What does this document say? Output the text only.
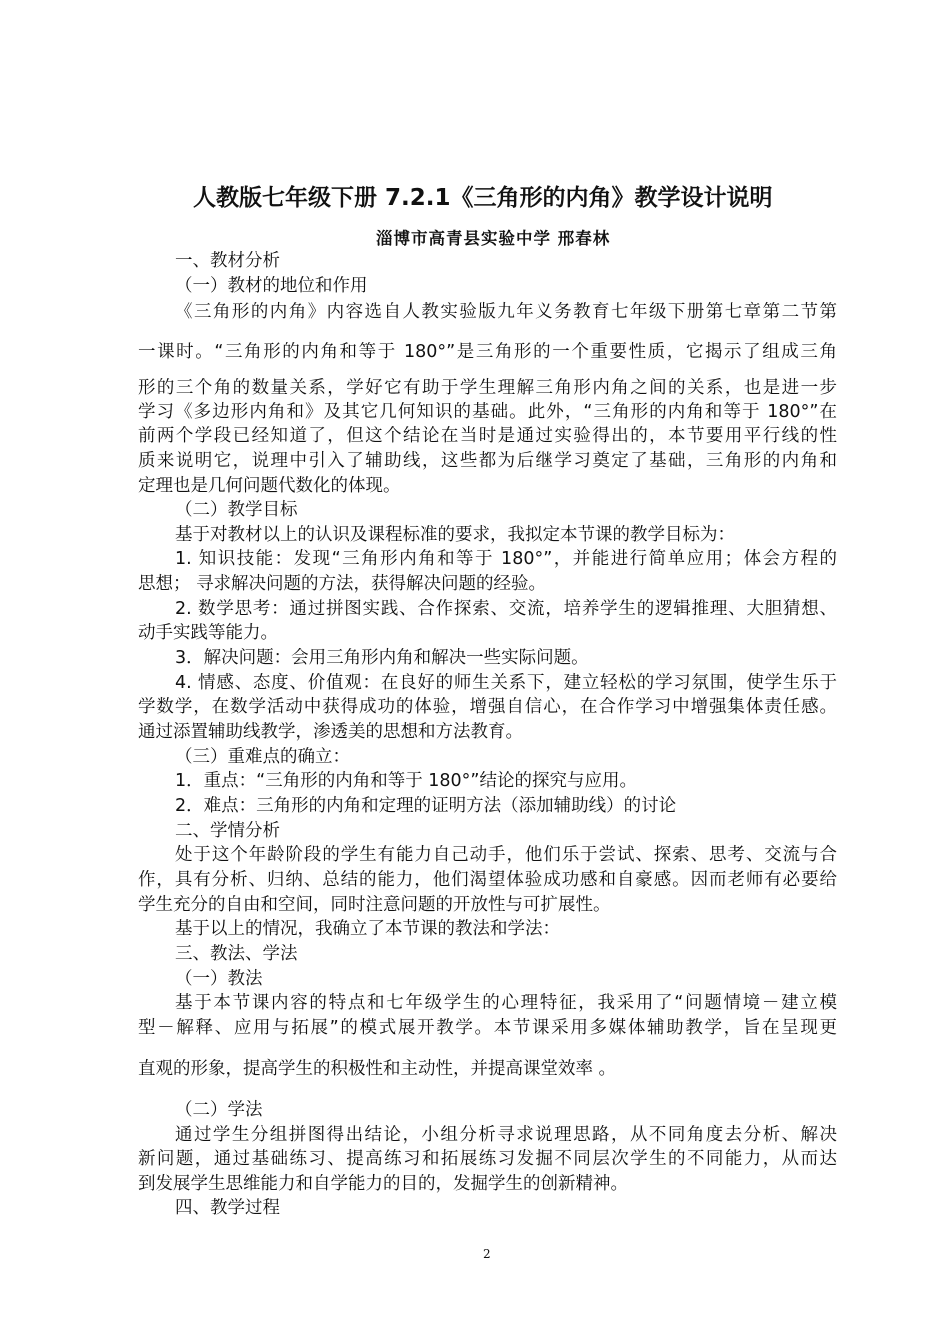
人教版七年级下册 7.2.1《三角形的内角》教学设计说明
淄博市高青县实验中学 邢春林
一、教材分析
（一）教材的地位和作用
《三角形的内角》内容选自人教实验版九年义务教育七年级下册第七章第二节第
一课时。“三角形的内角和等于 180°”是三角形的一个重要性质，它揭示了组成三角
形的三个角的数量关系，学好它有助于学生理解三角形内角之间的关系，也是进一步
学习《多边形内角和》及其它几何知识的基础。此外，“三角形的内角和等于 180°”在
前两个学段已经知道了，但这个结论在当时是通过实验得出的，本节要用平行线的性
质来说明它，说理中引入了辅助线，这些都为后继学习奠定了基础，三角形的内角和
定理也是几何问题代数化的体现。
（二）教学目标
基于对教材以上的认识及课程标准的要求，我拟定本节课的教学目标为：
1. 知识技能：发现“三角形内角和等于 180°”，并能进行简单应用；体会方程的
思想； 寻求解决问题的方法，获得解决问题的经验。
2. 数学思考：通过拼图实践、合作探索、交流，培养学生的逻辑推理、大胆猜想、
动手实践等能力。
3．解决问题：会用三角形内角和解决一些实际问题。
4. 情感、态度、价值观：在良好的师生关系下，建立轻松的学习氛围，使学生乐于
学数学，在数学活动中获得成功的体验，增强自信心，在合作学习中增强集体责任感。
通过添置辅助线教学，渗透美的思想和方法教育。
（三）重难点的确立：
1．重点：“三角形的内角和等于 180°”结论的探究与应用。
2．难点：三角形的内角和定理的证明方法（添加辅助线）的讨论
二、学情分析
处于这个年龄阶段的学生有能力自己动手，他们乐于尝试、探索、思考、交流与合
作，具有分析、归纳、总结的能力，他们渴望体验成功感和自豪感。因而老师有必要给
学生充分的自由和空间，同时注意问题的开放性与可扩展性。
基于以上的情况，我确立了本节课的教法和学法：
三、教法、学法
（一）教法
基于本节课内容的特点和七年级学生的心理特征，我采用了“问题情境－建立模
型－解释、应用与拓展”的模式展开教学。本节课采用多媒体辅助教学，旨在呈现更
直观的形象，提高学生的积极性和主动性，并提高课堂效率 。
（二）学法
通过学生分组拼图得出结论，小组分析寻求说理思路，从不同角度去分析、解决
新问题，通过基础练习、提高练习和拓展练习发掘不同层次学生的不同能力，从而达
到发展学生思维能力和自学能力的目的，发掘学生的创新精神。
四、教学过程
2
